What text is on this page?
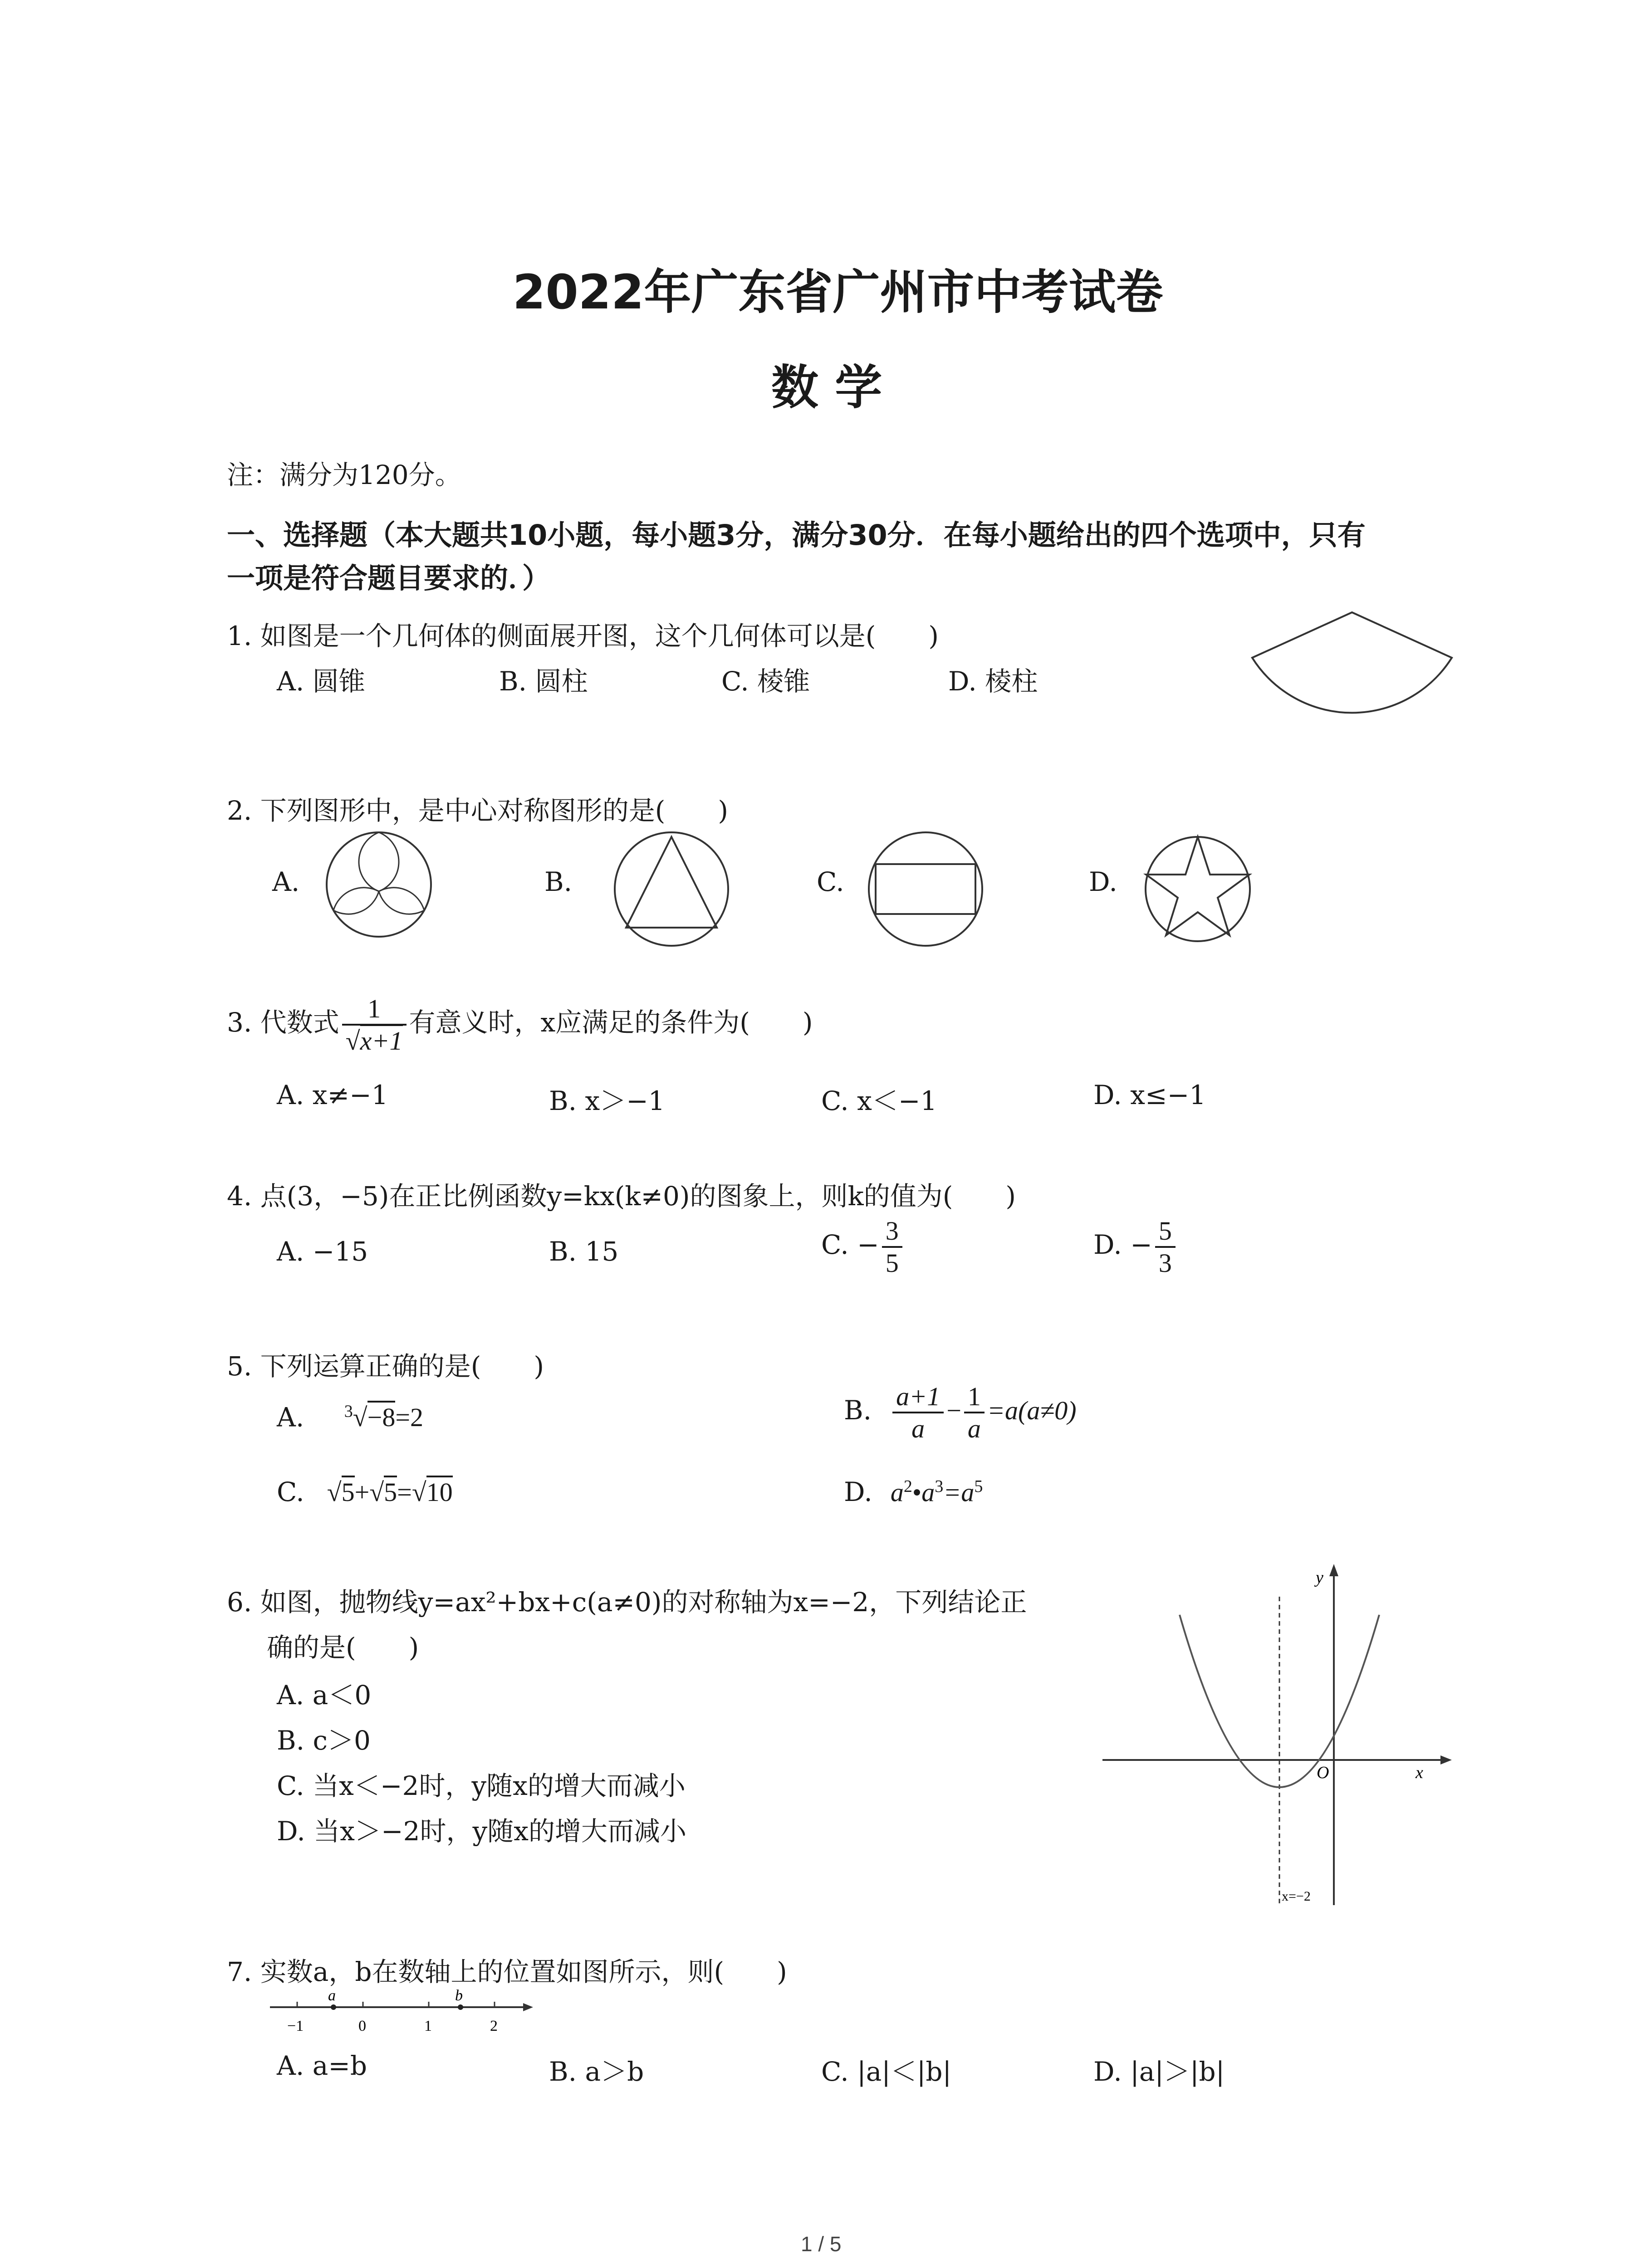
2022年广东省广州市中考试卷
数 学
注：满分为120分。
一、选择题（本大题共10小题，每小题3分，满分30分．在每小题给出的四个选项中，只有
一项是符合题目要求的．）
1. 如图是一个几何体的侧面展开图，这个几何体可以是(　　)
A. 圆锥	B. 圆柱	C. 棱锥	D. 棱柱
2. 下列图形中，是中心对称图形的是(　　)
A.	B.	C.	D.
3. 代数式 $\frac{1}{√x+1}$ 有意义时，x应满足的条件为(　　)
A. x≠−1	B. x＞−1	C. x＜−1	D. x≤−1
4. 点(3，−5)在正比例函数y=kx(k≠0)的图象上，则k的值为(　　)
A. −15	B. 15	C. − $\frac{3}{5}$	D. − $\frac{5}{3}$
5. 下列运算正确的是(　　)
A. $^3$√−8=2	B. $\frac{a+1}{a} - \frac{1}{a} =a(a\ne 0)$
C. √5+√5=√10	D. $a^2•a^3=a^5$
6. 如图，抛物线y=ax²+bx+c(a≠0)的对称轴为x=−2，下列结论正
确的是(　　)
A. a＜0
B. c＞0
C. 当x＜−2时，y随x的增大而减小
D. 当x＞−2时，y随x的增大而减小
y
x
O
x=−2
7. 实数a，b在数轴上的位置如图所示，则(　　)
a	b
−1	0	1	2
A. a=b	B. a＞b	C. |a|＜|b|	D. |a|＞|b|
1 / 5
